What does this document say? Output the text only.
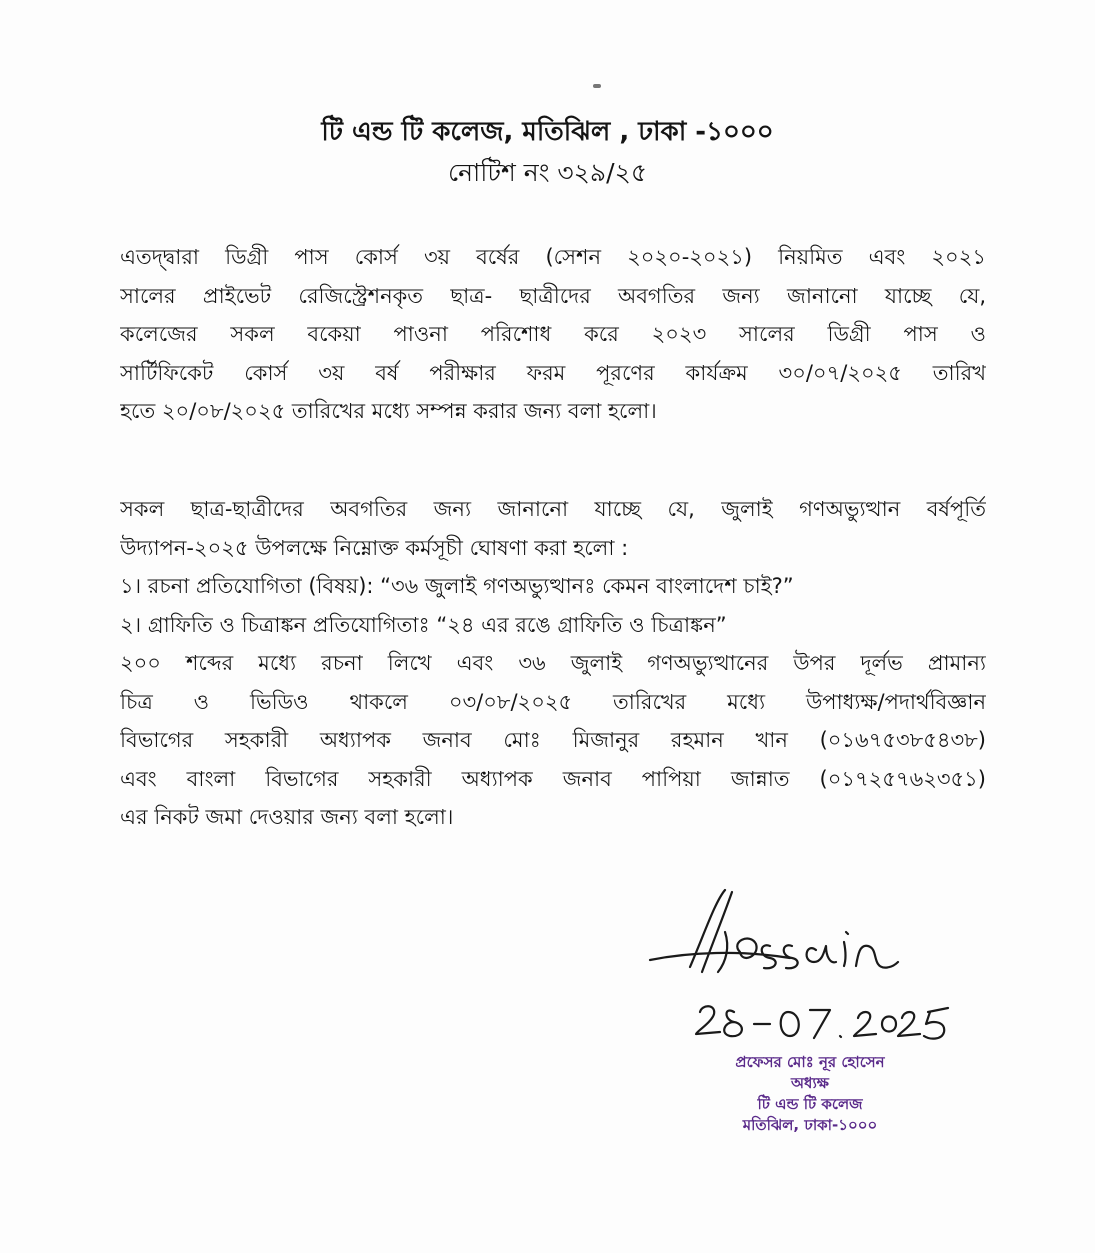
টি এন্ড টি কলেজ, মতিঝিল , ঢাকা -১০০০
নোটিশ নং ৩২৯/২৫
এতদ্দ্বারা ডিগ্রী পাস কোর্স ৩য় বর্ষের (সেশন ২০২০-২০২১) নিয়মিত এবং ২০২১
সালের প্রাইভেট রেজিস্ট্রেশনকৃত ছাত্র- ছাত্রীদের অবগতির জন্য জানানো যাচ্ছে যে,
কলেজের সকল বকেয়া পাওনা পরিশোধ করে ২০২৩ সালের ডিগ্রী পাস ও
সার্টিফিকেট কোর্স ৩য় বর্ষ পরীক্ষার ফরম পূরণের কার্যক্রম ৩০/০৭/২০২৫ তারিখ
হতে ২০/০৮/২০২৫ তারিখের মধ্যে সম্পন্ন করার জন্য বলা হলো।
সকল ছাত্র-ছাত্রীদের অবগতির জন্য জানানো যাচ্ছে যে, জুলাই গণঅভ্যুত্থান বর্ষপূর্তি
উদ্যাপন-২০২৫ উপলক্ষে নিম্নোক্ত কর্মসূচী ঘোষণা করা হলো :
১। রচনা প্রতিযোগিতা (বিষয়): “৩৬ জুলাই গণঅভ্যুত্থানঃ কেমন বাংলাদেশ চাই?”
২। গ্রাফিতি ও চিত্রাঙ্কন প্রতিযোগিতাঃ “২৪ এর রঙে গ্রাফিতি ও চিত্রাঙ্কন”
২০০ শব্দের মধ্যে রচনা লিখে এবং ৩৬ জুলাই গণঅভ্যুত্থানের উপর দূর্লভ প্রামান্য
চিত্র ও ভিডিও থাকলে ০৩/০৮/২০২৫ তারিখের মধ্যে উপাধ্যক্ষ/পদার্থবিজ্ঞান
বিভাগের সহকারী অধ্যাপক জনাব মোঃ মিজানুর রহমান খান (০১৬৭৫৩৮৫৪৩৮)
এবং বাংলা বিভাগের সহকারী অধ্যাপক জনাব পাপিয়া জান্নাত (০১৭২৫৭৬২৩৫১)
এর নিকট জমা দেওয়ার জন্য বলা হলো।
প্রফেসর মোঃ নূর হোসেন
অধ্যক্ষ
টি এন্ড টি কলেজ
মতিঝিল, ঢাকা-১০০০
